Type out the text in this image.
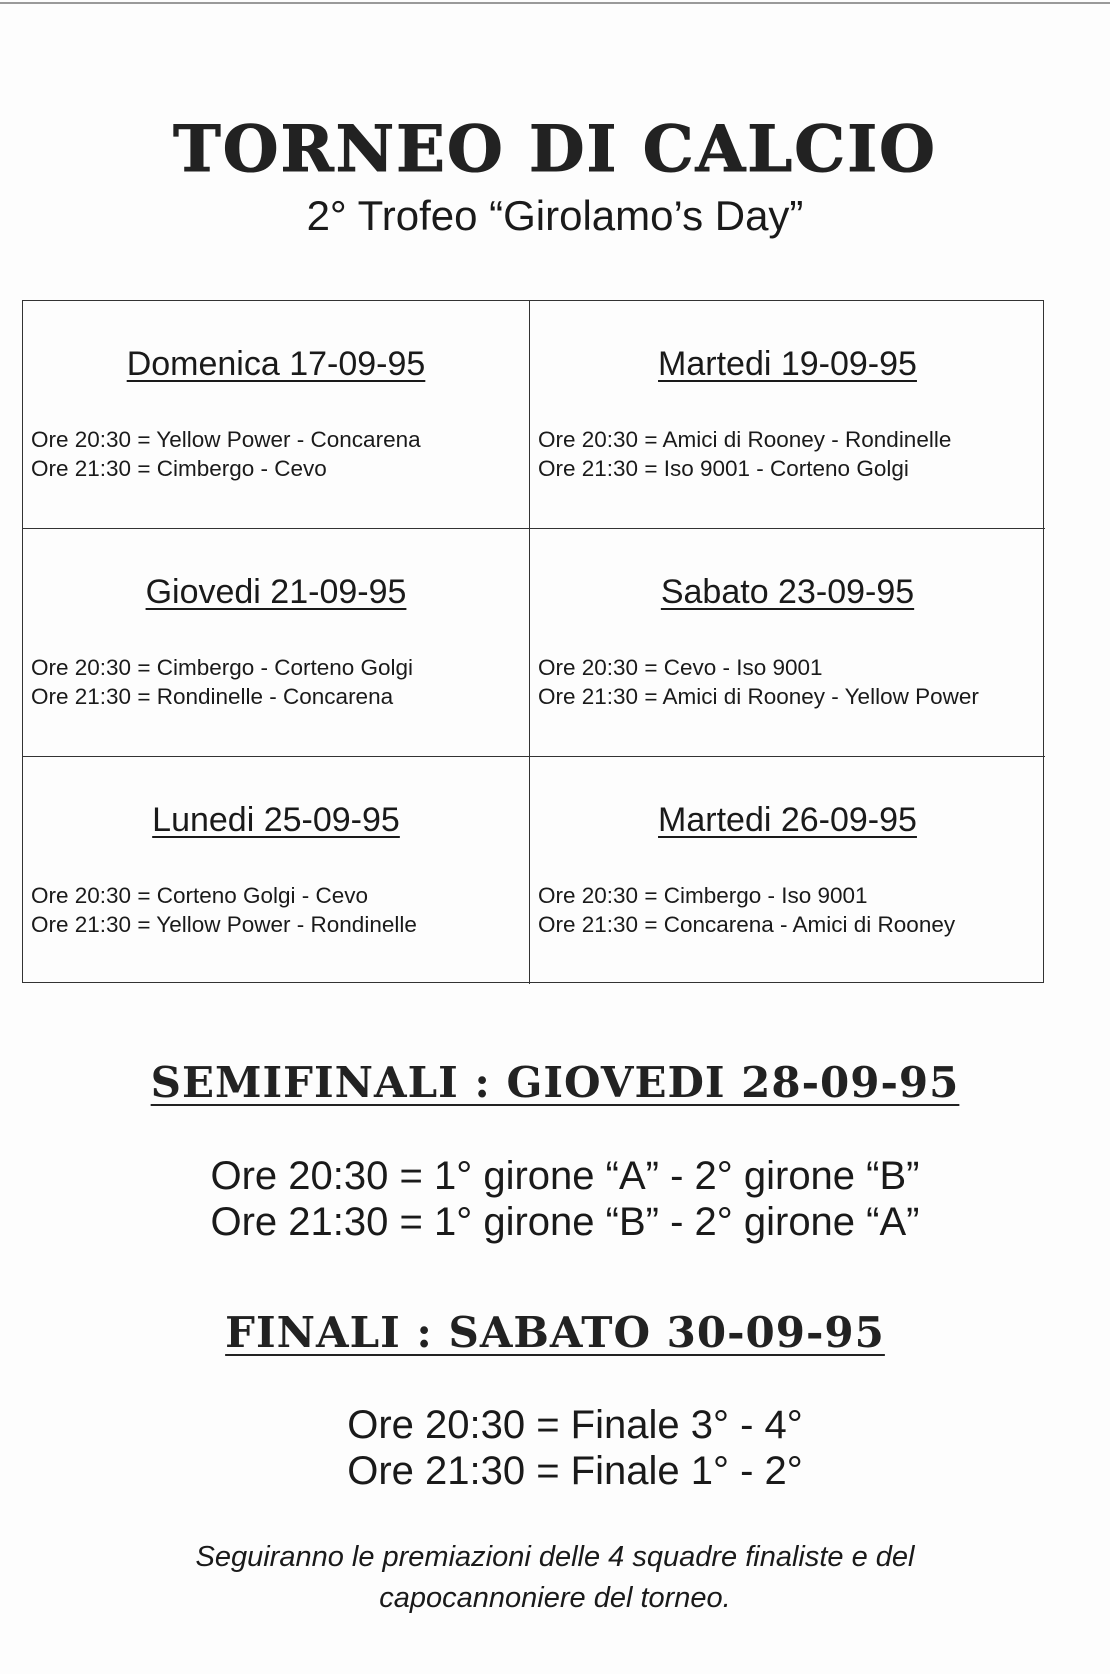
TORNEO DI CALCIO
2° Trofeo “Girolamo’s Day”
Domenica 17-09-95
Ore 20:30 = Yellow Power - Concarena
Ore 21:30 = Cimbergo - Cevo
Martedi 19-09-95
Ore 20:30 = Amici di Rooney - Rondinelle
Ore 21:30 = Iso 9001 - Corteno Golgi
Giovedi 21-09-95
Ore 20:30 = Cimbergo - Corteno Golgi
Ore 21:30 = Rondinelle - Concarena
Sabato 23-09-95
Ore 20:30 = Cevo - Iso 9001
Ore 21:30 = Amici di Rooney - Yellow Power
Lunedi 25-09-95
Ore 20:30 = Corteno Golgi - Cevo
Ore 21:30 = Yellow Power - Rondinelle
Martedi 26-09-95
Ore 20:30 = Cimbergo - Iso 9001
Ore 21:30 = Concarena - Amici di Rooney
SEMIFINALI : GIOVEDI 28-09-95
Ore 20:30 = 1° girone “A” - 2° girone “B”
Ore 21:30 = 1° girone “B” - 2° girone “A”
FINALI : SABATO 30-09-95
Ore 20:30 = Finale 3° - 4°
Ore 21:30 = Finale 1° - 2°
Seguiranno le premiazioni delle 4 squadre finaliste e del
capocannoniere del torneo.
